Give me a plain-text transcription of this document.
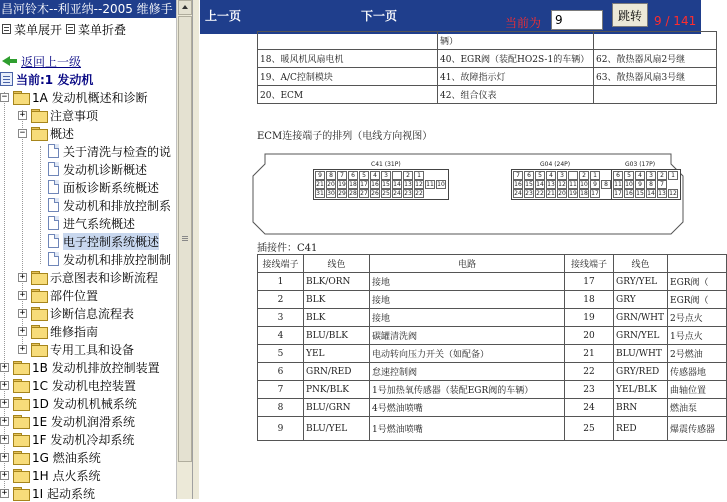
昌河铃木--利亚纳--2005 维修手
菜单展开 菜单折叠
返回上一级
当前:1 发动机
− 1A 发动机概述和诊断
+ 注意事项
− 概述
关于清洗与检查的说
发动机诊断概述
面板诊断系统概述
发动机和排放控制系
进气系统概述
电子控制系统概述
发动机和排放控制制
+ 示意图表和诊断流程
+ 部件位置
+ 诊断信息流程表
+ 维修指南
+ 专用工具和设备
+ 1B 发动机排放控制装置
+ 1C 发动机电控装置
+ 1D 发动机机械系统
+ 1E 发动机润滑系统
+ 1F 发动机冷却系统
+ 1G 燃油系统
+ 1H 点火系统
+ 1I 起动系统
上一页	下一页	当前为
9
跳转	9 / 141
	辆）	
18、暖风机风扇电机	40、EGR阀（装配HO2S-1的车辆）	62、散热器风扇2号继
19、A/C控制模块	41、故障指示灯	63、散热器风扇3号继
20、ECM	42、组合仪表	
ECM连接端子的排列（电线方向视图）
C41 (31P)	G04 (24P)	G03 (17P)
9	8	7	6	5	4	3	2	1
21 20 19 18 17 16 15 14 13 12 11 10
31 30 29 28 27 26 25 24 23 22
7	6	5	4	3	2	1
16 15 14 13 12 11 10 9	8
24 23 22 21 20 19 18 17
6	5	4	3	2	1
11 10 9	8	7
17 16 15 14 13 12
插接件：C41
接线端子	线色	电路	接线端子	线色	
1	BLK/ORN	接地	17	GRY/YEL	EGR阀（
2	BLK	接地	18	GRY	EGR阀（
3	BLK	接地	19	GRN/WHT	2号点火
4	BLU/BLK	碳罐清洗阀	20	GRN/YEL	1号点火
5	YEL	电动转向压力开关（如配备）	21	BLU/WHT	2号燃油
6	GRN/RED	怠速控制阀	22	GRY/RED	传感器地
7	PNK/BLK	1号加热氧传感器（装配EGR阀的车辆）	23	YEL/BLK	曲轴位置
8	BLU/GRN	4号燃油喷嘴	24	BRN	燃油泵
9	BLU/YEL	1号燃油喷嘴	25	RED	爆震传感器
